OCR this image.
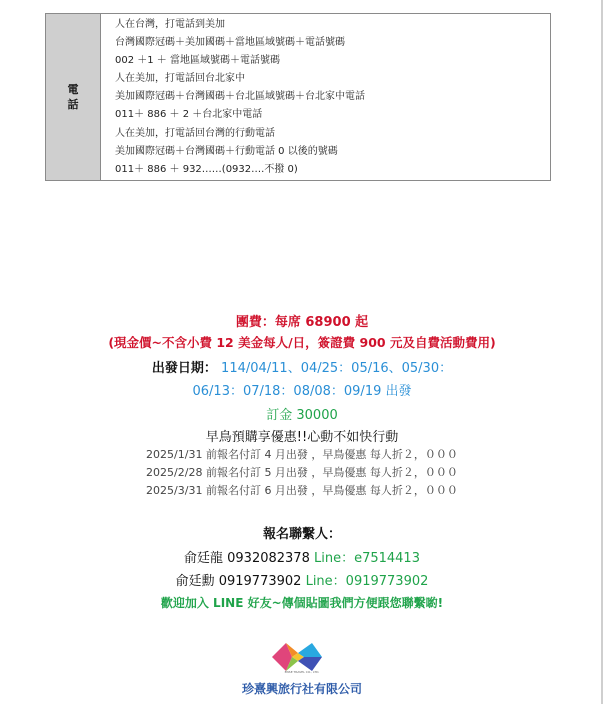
電
話	
人在台灣，打電話到美加
台灣國際冠碼＋美加國碼＋當地區域號碼＋電話號碼
002 ＋1 ＋ 當地區域號碼＋電話號碼
人在美加，打電話回台北家中
美加國際冠碼＋台灣國碼＋台北區域號碼＋台北家中電話
011＋ 886 ＋ 2 ＋台北家中電話
人在美加，打電話回台灣的行動電話
美加國際冠碼＋台灣國碼＋行動電話 0 以後的號碼
011＋ 886 ＋ 932……(0932….不撥 0)
團費：每席 68900 起
(現金價~不含小費 12 美金每人/日，簽證費 900 元及自費活動費用)
出發日期： 114/04/11、04/25：05/16、05/30：
06/13：07/18：08/08：09/19 出發
訂金 30000
早鳥預購享優惠!!心動不如快行動
2025/1/31 前報名付訂 4 月出發 ，早鳥優惠 每人折２，０００
2025/2/28 前報名付訂 5 月出發 ，早鳥優惠 每人折２，０００
2025/3/31 前報名付訂 6 月出發 ，早鳥優惠 每人折２，０００
報名聯繫人：
俞廷龍 0932082378 Line：e7514413
俞廷勳 0919773902 Line：0919773902
歡迎加入 LINE 好友~傳個貼圖我們方便跟您聯繫喲!
ENSE TRAVEL CO., LTD.
珍熹興旅行社有限公司
